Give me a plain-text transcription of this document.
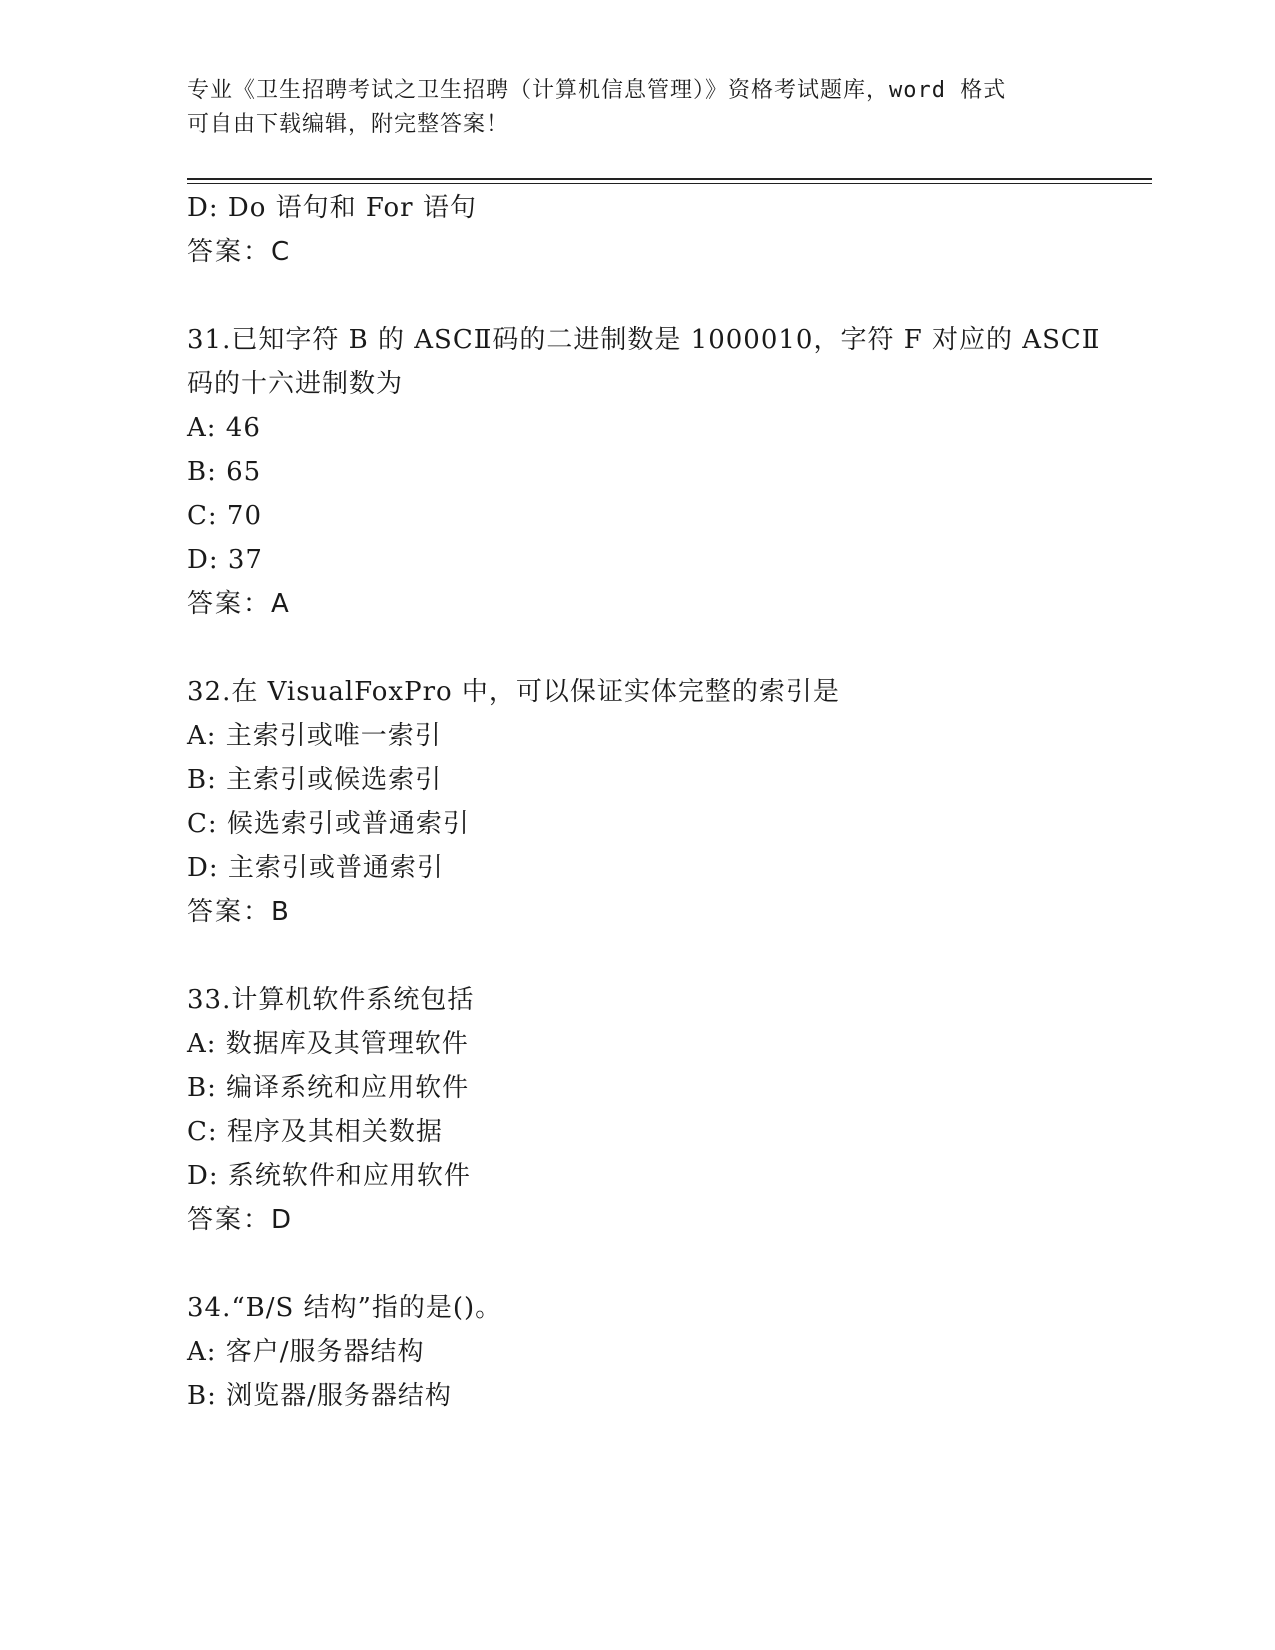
专业《卫生招聘考试之卫生招聘（计算机信息管理）》资格考试题库，word 格式
可自由下载编辑，附完整答案！
D: Do 语句和 For 语句
答案：C
31.已知字符 B 的 ASCⅡ码的二进制数是 1000010，字符 F 对应的 ASCⅡ
码的十六进制数为
A: 46
B: 65
C: 70
D: 37
答案：A
32.在 VisualFoxPro 中，可以保证实体完整的索引是
A: 主索引或唯一索引
B: 主索引或候选索引
C: 候选索引或普通索引
D: 主索引或普通索引
答案：B
33.计算机软件系统包括
A: 数据库及其管理软件
B: 编译系统和应用软件
C: 程序及其相关数据
D: 系统软件和应用软件
答案：D
34.“B/S 结构”指的是()。
A: 客户/服务器结构
B: 浏览器/服务器结构
